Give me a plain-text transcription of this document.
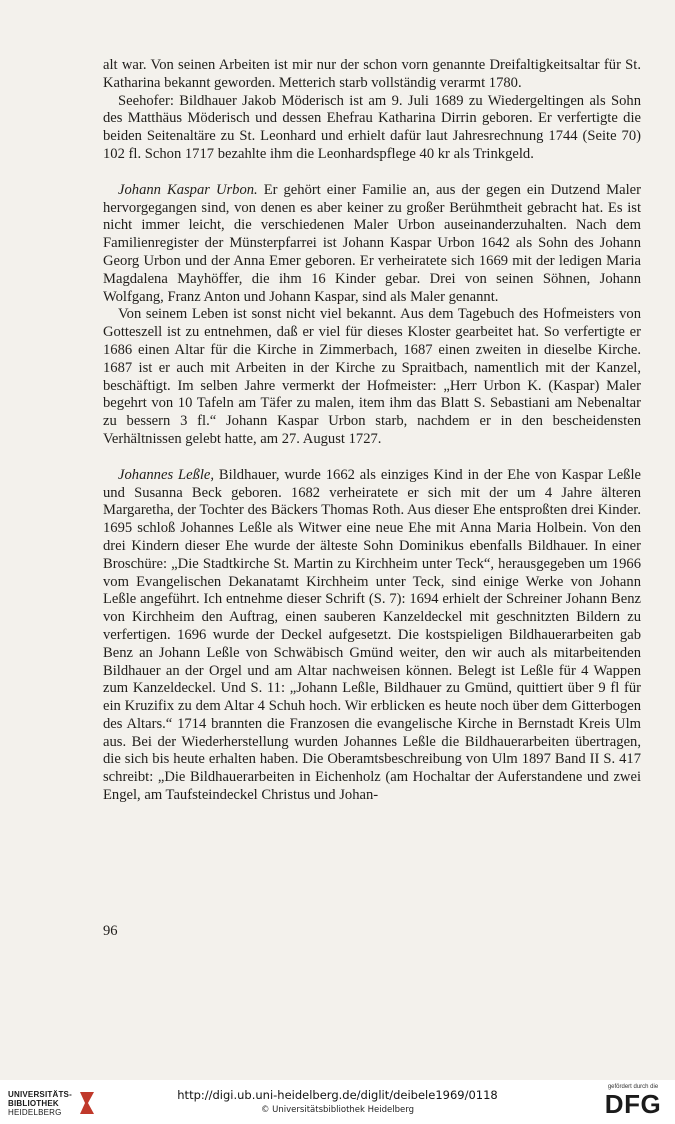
alt war. Von seinen Arbeiten ist mir nur der schon vorn genannte Dreifaltigkeitsaltar für St. Katharina bekannt geworden. Metterich starb vollständig verarmt 1780.

Seehofer: Bildhauer Jakob Möderisch ist am 9. Juli 1689 zu Wiedergeltingen als Sohn des Matthäus Möderisch und dessen Ehefrau Katharina Dirrin geboren. Er verfertigte die beiden Seitenaltäre zu St. Leonhard und erhielt dafür laut Jahresrechnung 1744 (Seite 70) 102 fl. Schon 1717 bezahlte ihm die Leonhardspflege 40 kr als Trinkgeld.

Johann Kaspar Urbon. Er gehört einer Familie an, aus der gegen ein Dutzend Maler hervorgegangen sind, von denen es aber keiner zu großer Berühmtheit gebracht hat. Es ist nicht immer leicht, die verschiedenen Maler Urbon auseinanderzuhalten. Nach dem Familienregister der Münsterpfarrei ist Johann Kaspar Urbon 1642 als Sohn des Johann Georg Urbon und der Anna Emer geboren. Er verheiratete sich 1669 mit der ledigen Maria Magdalena Mayhöffer, die ihm 16 Kinder gebar. Drei von seinen Söhnen, Johann Wolfgang, Franz Anton und Johann Kaspar, sind als Maler genannt.

Von seinem Leben ist sonst nicht viel bekannt. Aus dem Tagebuch des Hofmeisters von Gotteszell ist zu entnehmen, daß er viel für dieses Kloster gearbeitet hat. So verfertigte er 1686 einen Altar für die Kirche in Zimmerbach, 1687 einen zweiten in dieselbe Kirche. 1687 ist er auch mit Arbeiten in der Kirche zu Spraitbach, namentlich mit der Kanzel, beschäftigt. Im selben Jahre vermerkt der Hofmeister: „Herr Urbon K. (Kaspar) Maler begehrt von 10 Tafeln am Täfer zu malen, item ihm das Blatt S. Sebastiani am Nebenaltar zu bessern 3 fl.“ Johann Kaspar Urbon starb, nachdem er in den bescheidensten Verhältnissen gelebt hatte, am 27. August 1727.

Johannes Leßle, Bildhauer, wurde 1662 als einziges Kind in der Ehe von Kaspar Leßle und Susanna Beck geboren. 1682 verheiratete er sich mit der um 4 Jahre älteren Margaretha, der Tochter des Bäckers Thomas Roth. Aus dieser Ehe entsproßten drei Kinder. 1695 schloß Johannes Leßle als Witwer eine neue Ehe mit Anna Maria Holbein. Von den drei Kindern dieser Ehe wurde der älteste Sohn Dominikus ebenfalls Bildhauer. In einer Broschüre: „Die Stadtkirche St. Martin zu Kirchheim unter Teck“, herausgegeben um 1966 vom Evangelischen Dekanatamt Kirchheim unter Teck, sind einige Werke von Johann Leßle angeführt. Ich entnehme dieser Schrift (S. 7): 1694 erhielt der Schreiner Johann Benz von Kirchheim den Auftrag, einen sauberen Kanzeldeckel mit geschnitzten Bildern zu verfertigen. 1696 wurde der Deckel aufgesetzt. Die kostspieligen Bildhauerarbeiten gab Benz an Johann Leßle von Schwäbisch Gmünd weiter, den wir auch als mitarbeitenden Bildhauer an der Orgel und am Altar nachweisen können. Belegt ist Leßle für 4 Wappen zum Kanzeldeckel. Und S. 11: „Johann Leßle, Bildhauer zu Gmünd, quittiert über 9 fl für ein Kruzifix zu dem Altar 4 Schuh hoch. Wir erblicken es heute noch über dem Gitterbogen des Altars.“ 1714 brannten die Franzosen die evangelische Kirche in Bernstadt Kreis Ulm aus. Bei der Wiederherstellung wurden Johannes Leßle die Bildhauerarbeiten übertragen, die sich bis heute erhalten haben. Die Oberamtsbeschreibung von Ulm 1897 Band II S. 417 schreibt: „Die Bildhauerarbeiten in Eichenholz (am Hochaltar der Auferstandene und zwei Engel, am Taufsteindeckel Christus und Johan-

96
UNIVERSITÄTS-
BIBLIOTHEK
HEIDELBERG
http://digi.ub.uni-heidelberg.de/diglit/deibele1969/0118
© Universitätsbibliothek Heidelberg
gefördert durch die
DFG
